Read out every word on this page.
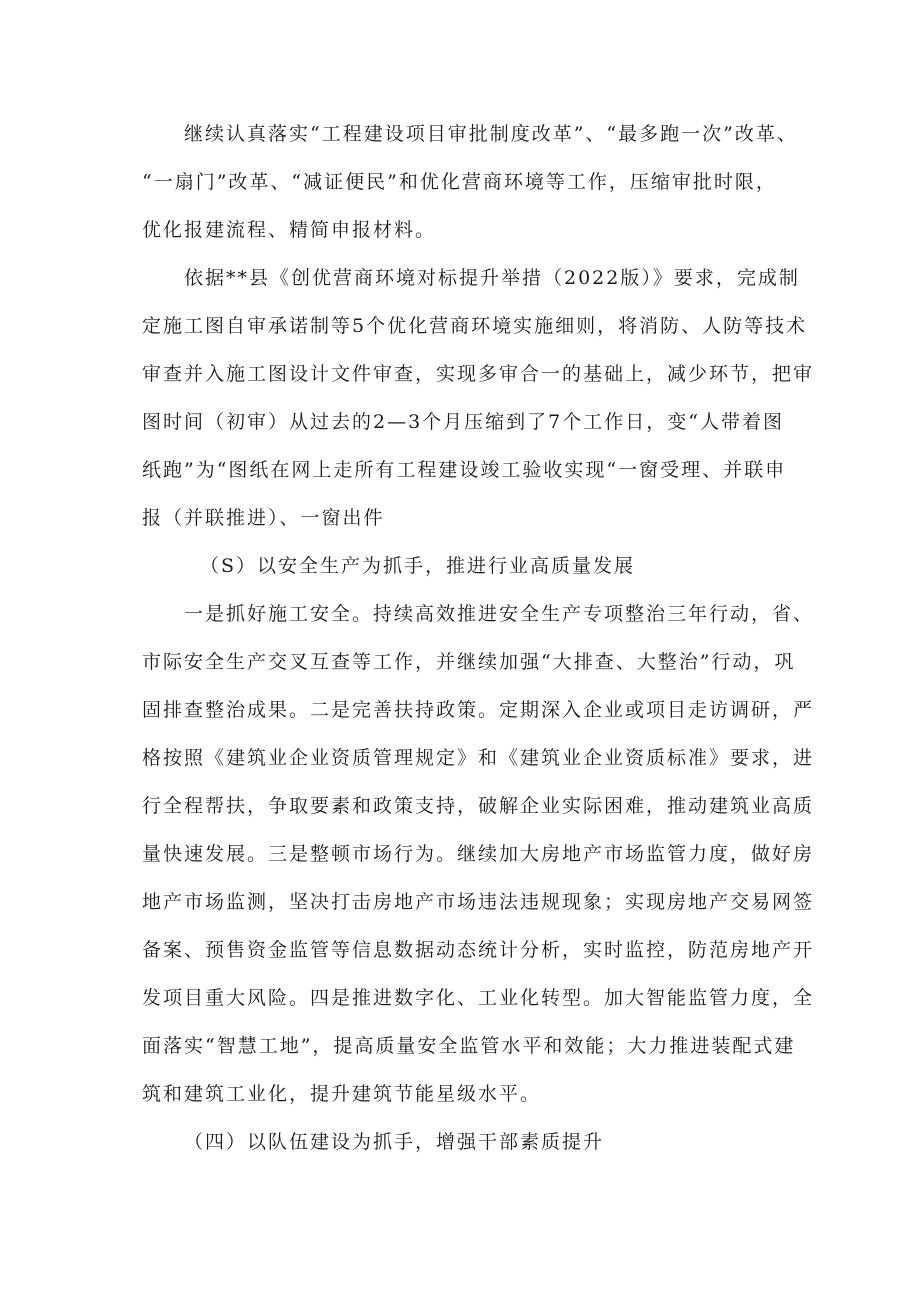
继续认真落实“工程建设项目审批制度改革”、“最多跑一次”改革、
“一扇门”改革、“减证便民”和优化营商环境等工作，压缩审批时限，
优化报建流程、精简申报材料。
依据**县《创优营商环境对标提升举措（2022版）》要求，完成制
定施工图自审承诺制等5个优化营商环境实施细则，将消防、人防等技术
审查并入施工图设计文件审查，实现多审合一的基础上，减少环节，把审
图时间（初审）从过去的2—3个月压缩到了7个工作日，变“人带着图
纸跑”为“图纸在网上走所有工程建设竣工验收实现“一窗受理、并联申
报（并联推进）、一窗出件
（S）以安全生产为抓手，推进行业高质量发展
一是抓好施工安全。持续高效推进安全生产专项整治三年行动，省、
市际安全生产交叉互查等工作，并继续加强“大排查、大整治”行动，巩
固排查整治成果。二是完善扶持政策。定期深入企业或项目走访调研，严
格按照《建筑业企业资质管理规定》和《建筑业企业资质标准》要求，进
行全程帮扶，争取要素和政策支持，破解企业实际困难，推动建筑业高质
量快速发展。三是整顿市场行为。继续加大房地产市场监管力度，做好房
地产市场监测，坚决打击房地产市场违法违规现象；实现房地产交易网签
备案、预售资金监管等信息数据动态统计分析，实时监控，防范房地产开
发项目重大风险。四是推进数字化、工业化转型。加大智能监管力度，全
面落实“智慧工地”，提高质量安全监管水平和效能；大力推进装配式建
筑和建筑工业化，提升建筑节能星级水平。
（四）以队伍建设为抓手，增强干部素质提升
